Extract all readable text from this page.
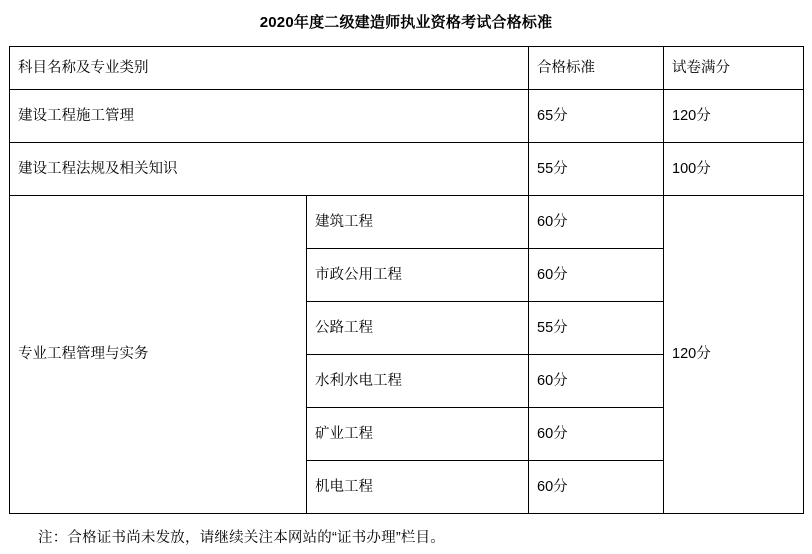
2020年度二级建造师执业资格考试合格标准
科目名称及专业类别		合格标准	试卷满分
建设工程施工管理		65分	120分
建设工程法规及相关知识		55分	100分
专业工程管理与实务	建筑工程	60分	120分
	市政公用工程	60分	
	公路工程	55分	
	水利水电工程	60分	
	矿业工程	60分	
	机电工程	60分	
注：合格证书尚未发放，请继续关注本网站的“证书办理”栏目。
